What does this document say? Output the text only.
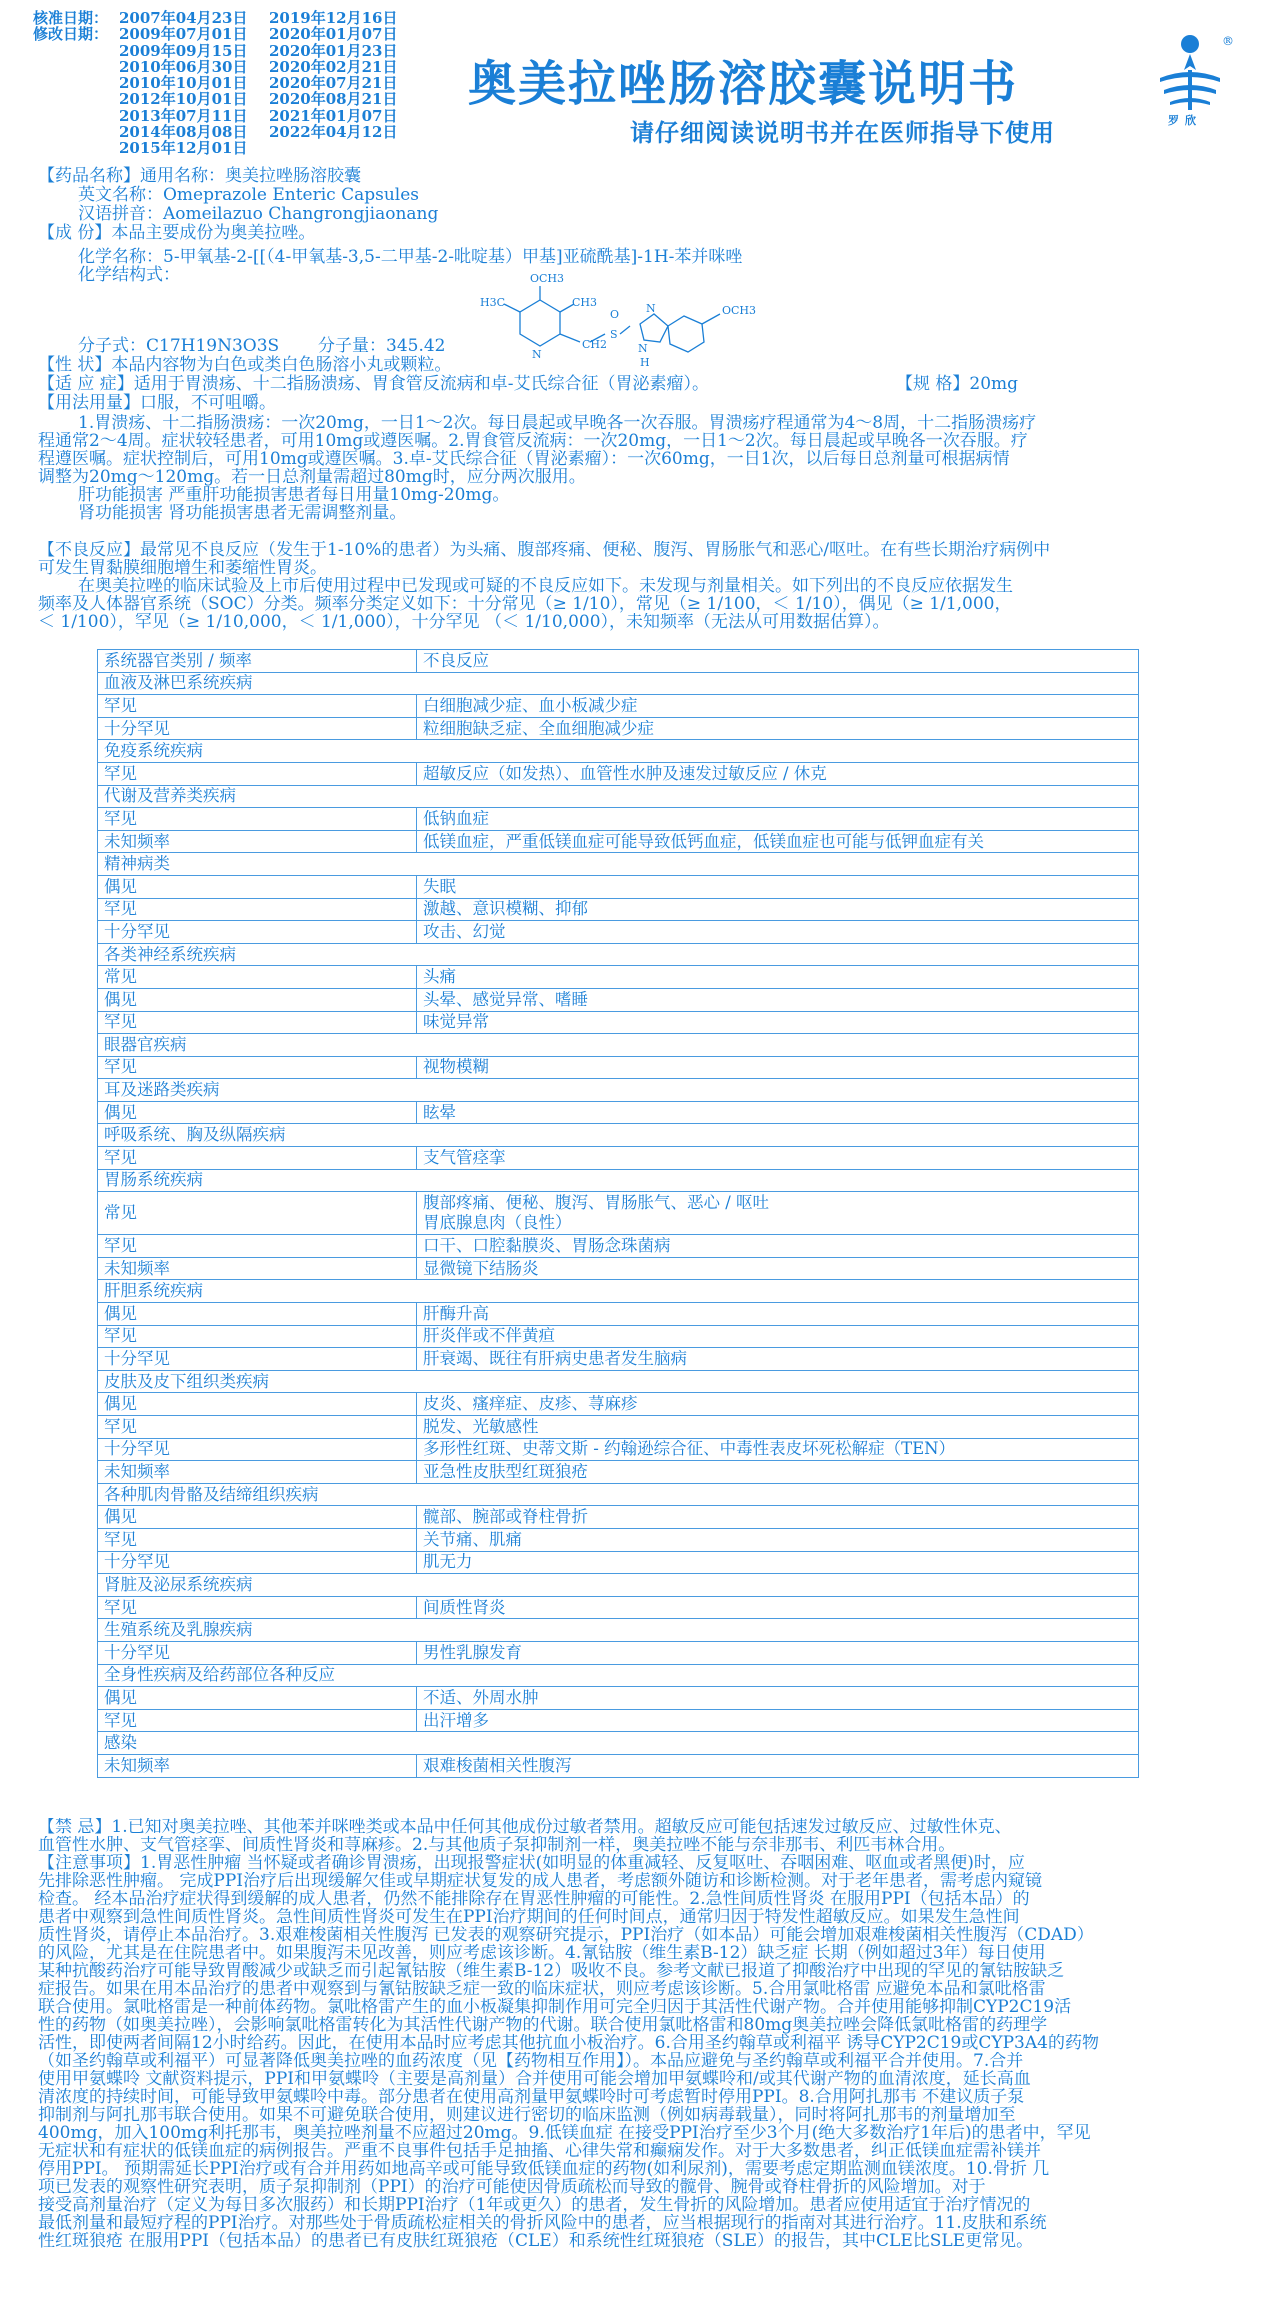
核准日期： 2007年04月23日 2019年12月16日
修改日期： 2009年07月01日 2020年01月07日
2009年09月15日 2020年01月23日
2010年06月30日 2020年02月21日
2010年10月01日 2020年07月21日
2012年10月01日 2020年08月21日
2013年07月11日 2021年01月07日
2014年08月08日 2022年04月12日
2015年12月01日
奥美拉唑肠溶胶囊说明书
请仔细阅读说明书并在医师指导下使用
®
罗欣
【药品名称】通用名称：奥美拉唑肠溶胶囊
英文名称：Omeprazole Enteric Capsules
汉语拼音：Aomeilazuo Changrongjiaonang
【成 份】本品主要成份为奥美拉唑。
化学名称：5-甲氧基-2-[[（4-甲氧基-3,5-二甲基-2-吡啶基）甲基]亚硫酰基]-1H-苯并咪唑
化学结构式：	OCH3
H3C	CH3
N
CH2
S
O N
N
H
OCH3
分子式：C17H19N3O3S	分子量：345.42
【性 状】本品内容物为白色或类白色肠溶小丸或颗粒。
【适 应 症】适用于胃溃疡、十二指肠溃疡、胃食管反流病和卓-艾氏综合征（胃泌素瘤）。	【规 格】20mg
【用法用量】口服，不可咀嚼。
1.胃溃疡、十二指肠溃疡：一次20mg，一日1～2次。每日晨起或早晚各一次吞服。胃溃疡疗程通常为4～8周，十二指肠溃疡疗
程通常2～4周。症状较轻患者，可用10mg或遵医嘱。2.胃食管反流病：一次20mg，一日1～2次。每日晨起或早晚各一次吞服。疗
程遵医嘱。症状控制后，可用10mg或遵医嘱。3.卓-艾氏综合征（胃泌素瘤）：一次60mg，一日1次，以后每日总剂量可根据病情
调整为20mg～120mg。若一日总剂量需超过80mg时，应分两次服用。
肝功能损害 严重肝功能损害患者每日用量10mg-20mg。
肾功能损害 肾功能损害患者无需调整剂量。
【不良反应】最常见不良反应（发生于1-10%的患者）为头痛、腹部疼痛、便秘、腹泻、胃肠胀气和恶心/呕吐。在有些长期治疗病例中
可发生胃黏膜细胞增生和萎缩性胃炎。
在奥美拉唑的临床试验及上市后使用过程中已发现或可疑的不良反应如下。未发现与剂量相关。如下列出的不良反应依据发生
频率及人体器官系统（SOC）分类。频率分类定义如下：十分常见（≥ 1/10），常见（≥ 1/100，＜ 1/10），偶见（≥ 1/1,000，
＜ 1/100），罕见（≥ 1/10,000，＜ 1/1,000），十分罕见 （＜ 1/10,000），未知频率（无法从可用数据估算）。
系统器官类别 / 频率	不良反应
血液及淋巴系统疾病	
罕见	白细胞减少症、血小板减少症

十分罕见	粒细胞缺乏症、全血细胞减少症

免疫系统疾病	
罕见	超敏反应（如发热）、血管性水肿及速发过敏反应 / 休克

代谢及营养类疾病	
罕见	低钠血症

未知频率	低镁血症，严重低镁血症可能导致低钙血症，低镁血症也可能与低钾血症有关

精神病类	
偶见	失眠

罕见	激越、意识模糊、抑郁

十分罕见	攻击、幻觉

各类神经系统疾病	
常见	头痛

偶见	头晕、感觉异常、嗜睡

罕见	味觉异常

眼器官疾病	
罕见	视物模糊

耳及迷路类疾病	
偶见	眩晕

呼吸系统、胸及纵隔疾病	
罕见	支气管痉挛

胃肠系统疾病	
常见	腹部疼痛、便秘、腹泻、胃肠胀气、恶心 / 呕吐
胃底腺息肉（良性）

罕见	口干、口腔黏膜炎、胃肠念珠菌病

未知频率	显微镜下结肠炎

肝胆系统疾病	
偶见	肝酶升高

罕见	肝炎伴或不伴黄疸

十分罕见	肝衰竭、既往有肝病史患者发生脑病

皮肤及皮下组织类疾病	
偶见	皮炎、瘙痒症、皮疹、荨麻疹

罕见	脱发、光敏感性

十分罕见	多形性红斑、史蒂文斯 - 约翰逊综合征、中毒性表皮坏死松解症（TEN）

未知频率	亚急性皮肤型红斑狼疮

各种肌肉骨骼及结缔组织疾病	
偶见	髋部、腕部或脊柱骨折

罕见	关节痛、肌痛

十分罕见	肌无力

肾脏及泌尿系统疾病	
罕见	间质性肾炎

生殖系统及乳腺疾病	
十分罕见	男性乳腺发育

全身性疾病及给药部位各种反应	
偶见	不适、外周水肿

罕见	出汗增多

感染	
未知频率	艰难梭菌相关性腹泻
【禁 忌】1.已知对奥美拉唑、其他苯并咪唑类或本品中任何其他成份过敏者禁用。超敏反应可能包括速发过敏反应、过敏性休克、
血管性水肿、支气管痉挛、间质性肾炎和荨麻疹。2.与其他质子泵抑制剂一样，奥美拉唑不能与奈非那韦、利匹韦林合用。
【注意事项】1.胃恶性肿瘤 当怀疑或者确诊胃溃疡，出现报警症状(如明显的体重减轻、反复呕吐、吞咽困难、呕血或者黑便)时，应
先排除恶性肿瘤。 完成PPI治疗后出现缓解欠佳或早期症状复发的成人患者，考虑额外随访和诊断检测。对于老年患者，需考虑内窥镜
检查。 经本品治疗症状得到缓解的成人患者，仍然不能排除存在胃恶性肿瘤的可能性。2.急性间质性肾炎 在服用PPI（包括本品）的
患者中观察到急性间质性肾炎。急性间质性肾炎可发生在PPI治疗期间的任何时间点，通常归因于特发性超敏反应。如果发生急性间
质性肾炎，请停止本品治疗。3.艰难梭菌相关性腹泻 已发表的观察研究提示，PPI治疗（如本品）可能会增加艰难梭菌相关性腹泻（CDAD）
的风险，尤其是在住院患者中。如果腹泻未见改善，则应考虑该诊断。4.氰钴胺（维生素B-12）缺乏症 长期（例如超过3年）每日使用
某种抗酸药治疗可能导致胃酸减少或缺乏而引起氰钴胺（维生素B-12）吸收不良。参考文献已报道了抑酸治疗中出现的罕见的氰钴胺缺乏
症报告。如果在用本品治疗的患者中观察到与氰钴胺缺乏症一致的临床症状，则应考虑该诊断。5.合用氯吡格雷 应避免本品和氯吡格雷
联合使用。氯吡格雷是一种前体药物。氯吡格雷产生的血小板凝集抑制作用可完全归因于其活性代谢产物。合并使用能够抑制CYP2C19活
性的药物（如奥美拉唑），会影响氯吡格雷转化为其活性代谢产物的代谢。联合使用氯吡格雷和80mg奥美拉唑会降低氯吡格雷的药理学
活性，即使两者间隔12小时给药。因此，在使用本品时应考虑其他抗血小板治疗。6.合用圣约翰草或利福平 诱导CYP2C19或CYP3A4的药物
（如圣约翰草或利福平）可显著降低奥美拉唑的血药浓度（见【药物相互作用】）。本品应避免与圣约翰草或利福平合并使用。7.合并
使用甲氨蝶呤 文献资料提示，PPI和甲氨蝶呤（主要是高剂量）合并使用可能会增加甲氨蝶呤和/或其代谢产物的血清浓度，延长高血
清浓度的持续时间，可能导致甲氨蝶呤中毒。部分患者在使用高剂量甲氨蝶呤时可考虑暂时停用PPI。8.合用阿扎那韦 不建议质子泵
抑制剂与阿扎那韦联合使用。如果不可避免联合使用，则建议进行密切的临床监测（例如病毒载量），同时将阿扎那韦的剂量增加至
400mg，加入100mg利托那韦，奥美拉唑剂量不应超过20mg。9.低镁血症 在接受PPI治疗至少3个月(绝大多数治疗1年后)的患者中，罕见
无症状和有症状的低镁血症的病例报告。严重不良事件包括手足抽搐、心律失常和癫痫发作。对于大多数患者，纠正低镁血症需补镁并
停用PPI。 预期需延长PPI治疗或有合并用药如地高辛或可能导致低镁血症的药物(如利尿剂)，需要考虑定期监测血镁浓度。10.骨折 几
项已发表的观察性研究表明，质子泵抑制剂（PPI）的治疗可能使因骨质疏松而导致的髋骨、腕骨或脊柱骨折的风险增加。对于
接受高剂量治疗（定义为每日多次服药）和长期PPI治疗（1年或更久）的患者，发生骨折的风险增加。患者应使用适宜于治疗情况的
最低剂量和最短疗程的PPI治疗。对那些处于骨质疏松症相关的骨折风险中的患者，应当根据现行的指南对其进行治疗。11.皮肤和系统
性红斑狼疮 在服用PPI（包括本品）的患者已有皮肤红斑狼疮（CLE）和系统性红斑狼疮（SLE）的报告，其中CLE比SLE更常见。
